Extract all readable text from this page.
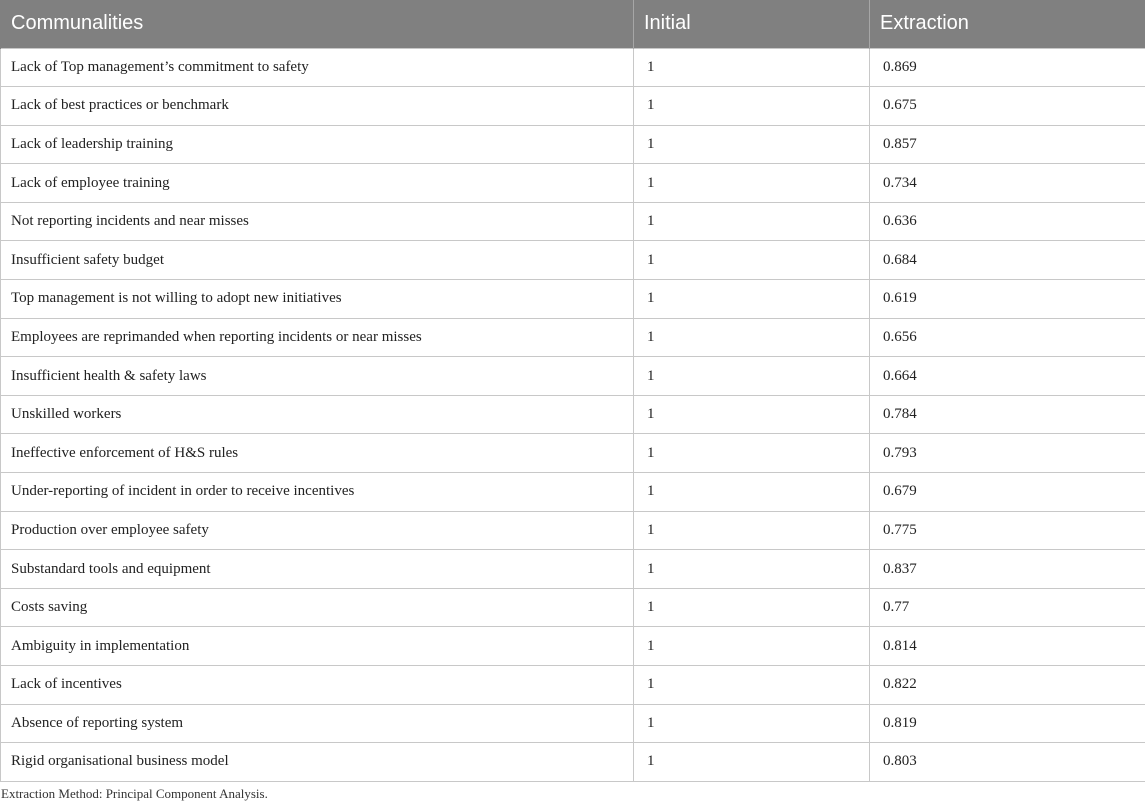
Communalities	Initial	Extraction
Lack of Top management’s commitment to safety	1	0.869
Lack of best practices or benchmark	1	0.675
Lack of leadership training	1	0.857
Lack of employee training	1	0.734
Not reporting incidents and near misses	1	0.636
Insufficient safety budget	1	0.684
Top management is not willing to adopt new initiatives	1	0.619
Employees are reprimanded when reporting incidents or near misses	1	0.656
Insufficient health & safety laws	1	0.664
Unskilled workers	1	0.784
Ineffective enforcement of H&S rules	1	0.793
Under-reporting of incident in order to receive incentives	1	0.679
Production over employee safety	1	0.775
Substandard tools and equipment	1	0.837
Costs saving	1	0.77
Ambiguity in implementation	1	0.814
Lack of incentives	1	0.822
Absence of reporting system	1	0.819
Rigid organisational business model	1	0.803
Extraction Method: Principal Component Analysis.
